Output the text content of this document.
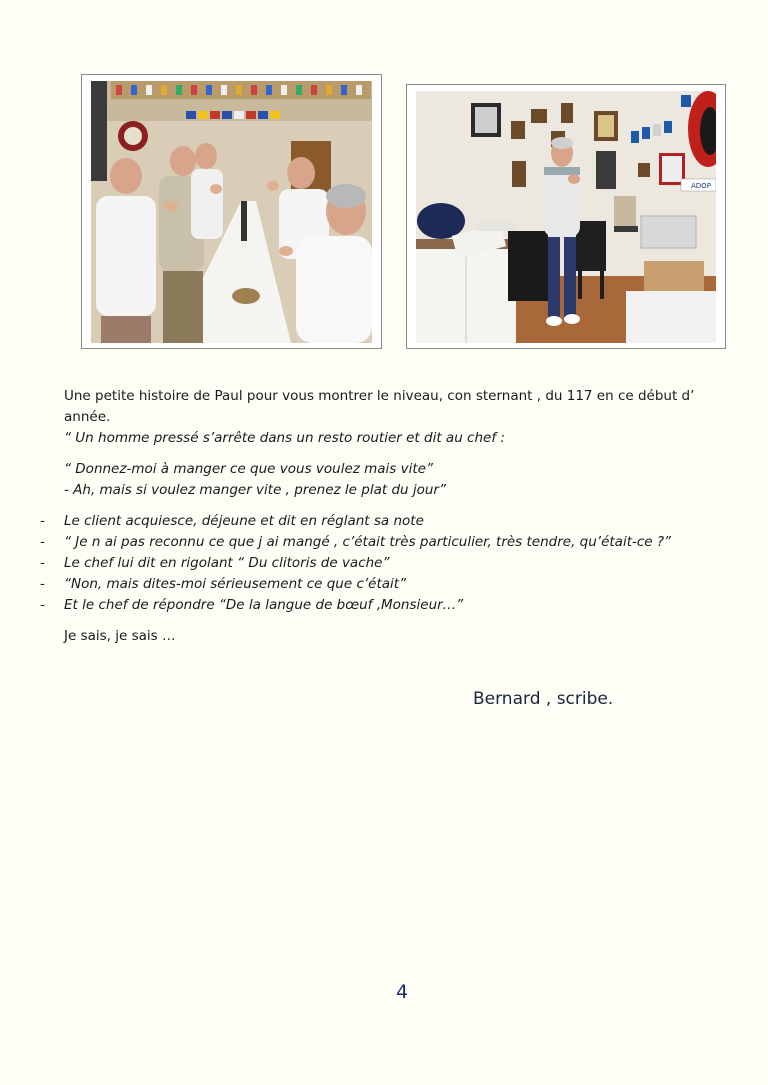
ADOP
Une petite histoire de Paul pour vous montrer le niveau, con sternant , du 117 en ce début d’ année.
“ Un homme pressé s’arrête dans un resto routier et dit au chef :
“ Donnez-moi à manger ce que vous voulez mais vite”
- Ah, mais si voulez manger vite , prenez le plat du jour”
- Le client acquiesce, déjeune et dit en réglant sa note
- “ Je n ai pas reconnu ce que j ai mangé , c’était très particulier, très tendre, qu’était-ce ?”
- Le chef lui dit en rigolant “ Du clitoris de vache”
- “Non, mais dites-moi sérieusement ce que c’était”
- Et le chef de répondre “De la langue de bœuf ,Monsieur…”
Je sais, je sais …
Bernard , scribe.
4
